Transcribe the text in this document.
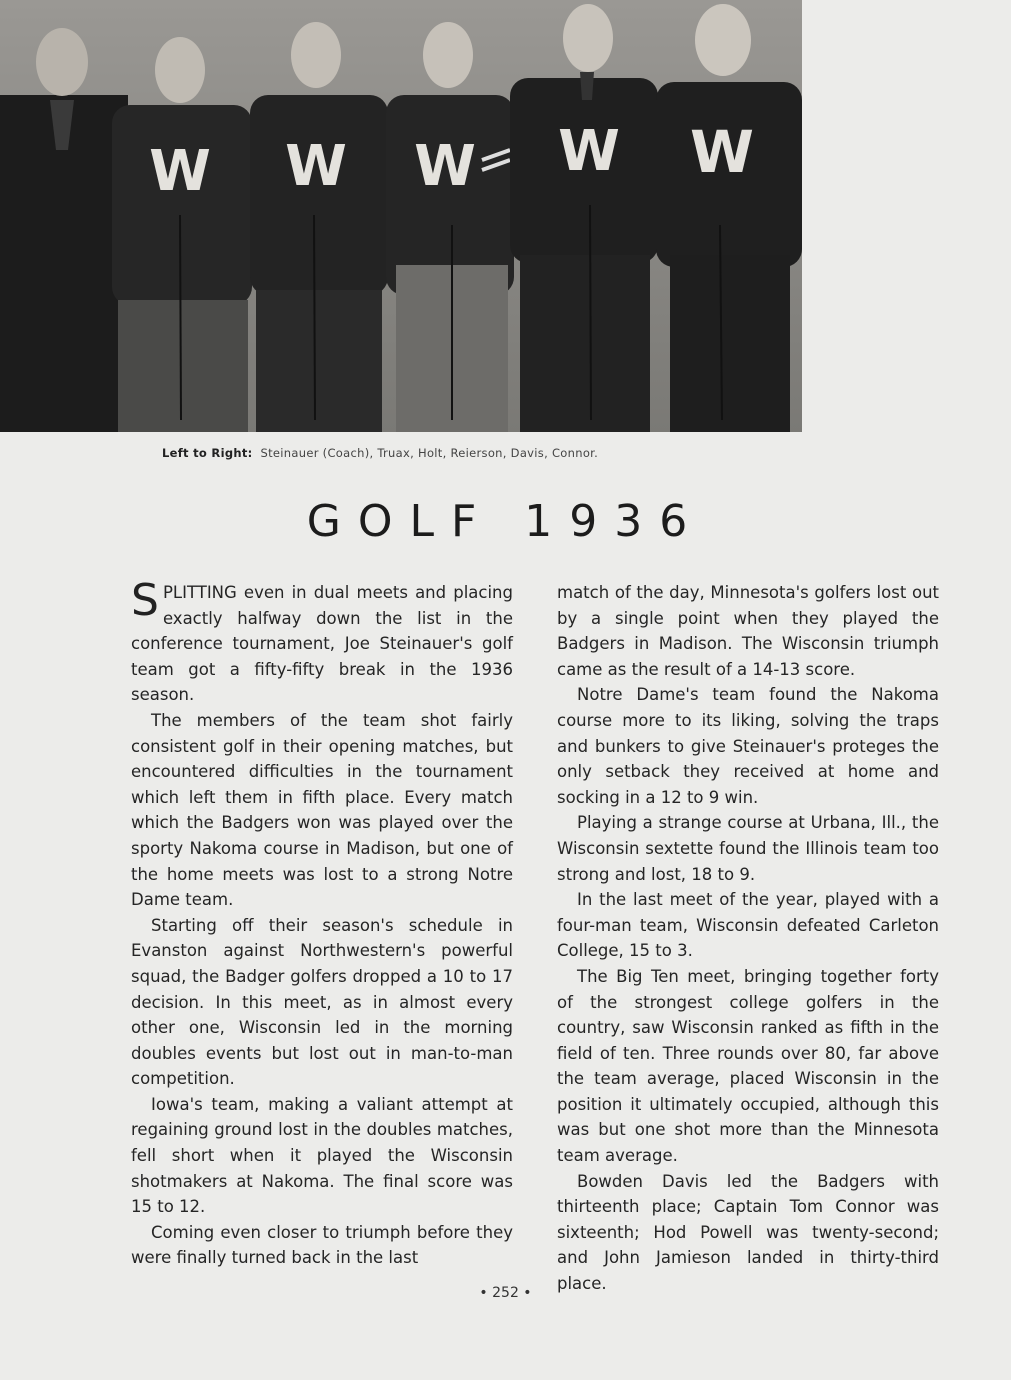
W W W W W
Left to Right: Steinauer (Coach), Truax, Holt, Reierson, Davis, Connor.
GOLF 1936

SPLITTING even in dual meets and placing exactly halfway down the list in the conference tournament, Joe Steinauer's golf team got a fifty-fifty break in the 1936 season.

The members of the team shot fairly consistent golf in their opening matches, but encountered difficulties in the tournament which left them in fifth place. Every match which the Badgers won was played over the sporty Nakoma course in Madison, but one of the home meets was lost to a strong Notre Dame team.

Starting off their season's schedule in Evanston against Northwestern's powerful squad, the Badger golfers dropped a 10 to 17 decision. In this meet, as in almost every other one, Wisconsin led in the morning doubles events but lost out in man-to-man competition.

Iowa's team, making a valiant attempt at regaining ground lost in the doubles matches, fell short when it played the Wisconsin shotmakers at Nakoma. The final score was 15 to 12.

Coming even closer to triumph before they were finally turned back in the last

match of the day, Minnesota's golfers lost out by a single point when they played the Badgers in Madison. The Wisconsin triumph came as the result of a 14-13 score.

Notre Dame's team found the Nakoma course more to its liking, solving the traps and bunkers to give Steinauer's proteges the only setback they received at home and socking in a 12 to 9 win.

Playing a strange course at Urbana, Ill., the Wisconsin sextette found the Illinois team too strong and lost, 18 to 9.

In the last meet of the year, played with a four-man team, Wisconsin defeated Carleton College, 15 to 3.

The Big Ten meet, bringing together forty of the strongest college golfers in the country, saw Wisconsin ranked as fifth in the field of ten. Three rounds over 80, far above the team average, placed Wisconsin in the position it ultimately occupied, although this was but one shot more than the Minnesota team average.

Bowden Davis led the Badgers with thirteenth place; Captain Tom Connor was sixteenth; Hod Powell was twenty-second; and John Jamieson landed in thirty-third place.

• 252 •
